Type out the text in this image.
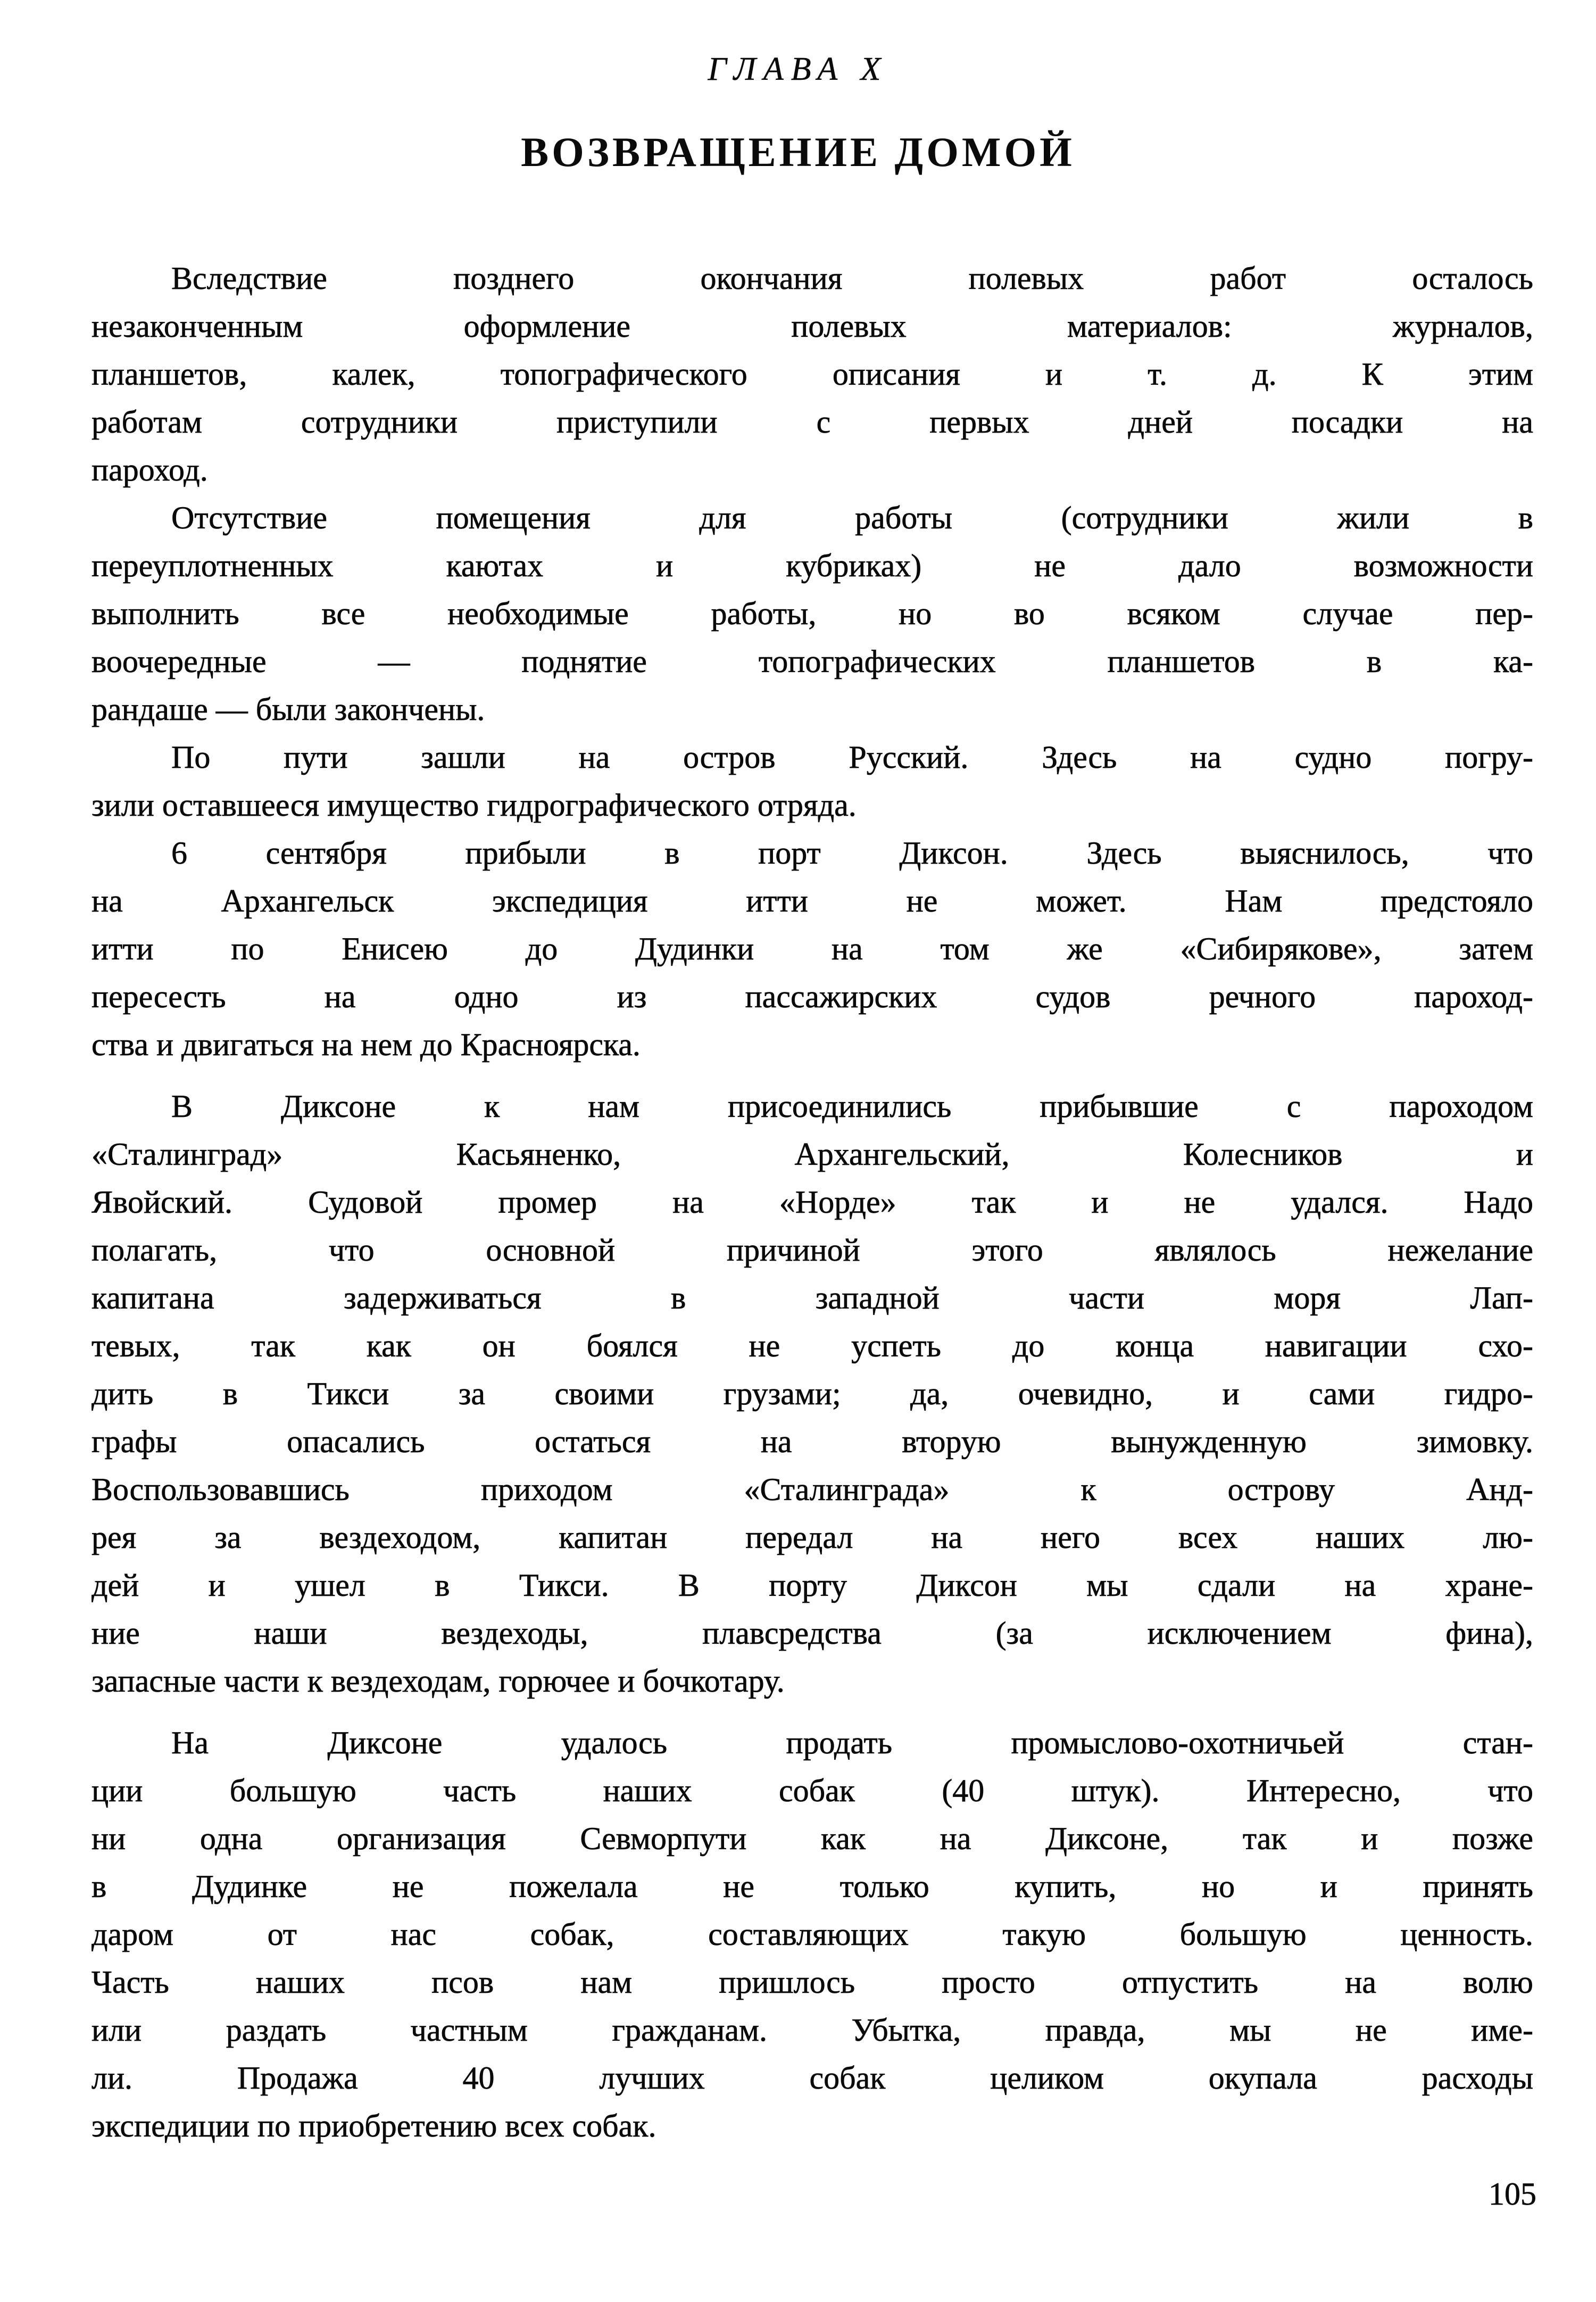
ГЛАВА X
ВОЗВРАЩЕНИЕ ДОМОЙ

Вследствие позднего окончания полевых работ осталось
незаконченным оформление полевых материалов: журналов,
планшетов, калек, топографического описания и т. д. К этим
работам сотрудники приступили с первых дней посадки на
пароход.

Отсутствие помещения для работы (сотрудники жили в
переуплотненных каютах и кубриках) не дало возможности
выполнить все необходимые работы, но во всяком случае пер-
воочередные — поднятие топографических планшетов в ка-
рандаше — были закончены.

По пути зашли на остров Русский. Здесь на судно погру-
зили оставшееся имущество гидрографического отряда.

6 сентября прибыли в порт Диксон. Здесь выяснилось, что
на Архангельск экспедиция итти не может. Нам предстояло
итти по Енисею до Дудинки на том же «Сибирякове», затем
пересесть на одно из пассажирских судов речного пароход-
ства и двигаться на нем до Красноярска.

В Диксоне к нам присоединились прибывшие с пароходом
«Сталинград» Касьяненко, Архангельский, Колесников и
Явойский. Судовой промер на «Норде» так и не удался. Надо
полагать, что основной причиной этого являлось нежелание
капитана задерживаться в западной части моря Лап-
тевых, так как он боялся не успеть до конца навигации схо-
дить в Тикси за своими грузами; да, очевидно, и сами гидро-
графы опасались остаться на вторую вынужденную зимовку.
Воспользовавшись приходом «Сталинграда» к острову Анд-
рея за вездеходом, капитан передал на него всех наших лю-
дей и ушел в Тикси. В порту Диксон мы сдали на хране-
ние наши вездеходы, плавсредства (за исключением фина),
запасные части к вездеходам, горючее и бочкотару.

На Диксоне удалось продать промыслово-охотничьей стан-
ции большую часть наших собак (40 штук). Интересно, что
ни одна организация Севморпути как на Диксоне, так и позже
в Дудинке не пожелала не только купить, но и принять
даром от нас собак, составляющих такую большую ценность.
Часть наших псов нам пришлось просто отпустить на волю
или раздать частным гражданам. Убытка, правда, мы не име-
ли. Продажа 40 лучших собак целиком окупала расходы
экспедиции по приобретению всех собак.

105
